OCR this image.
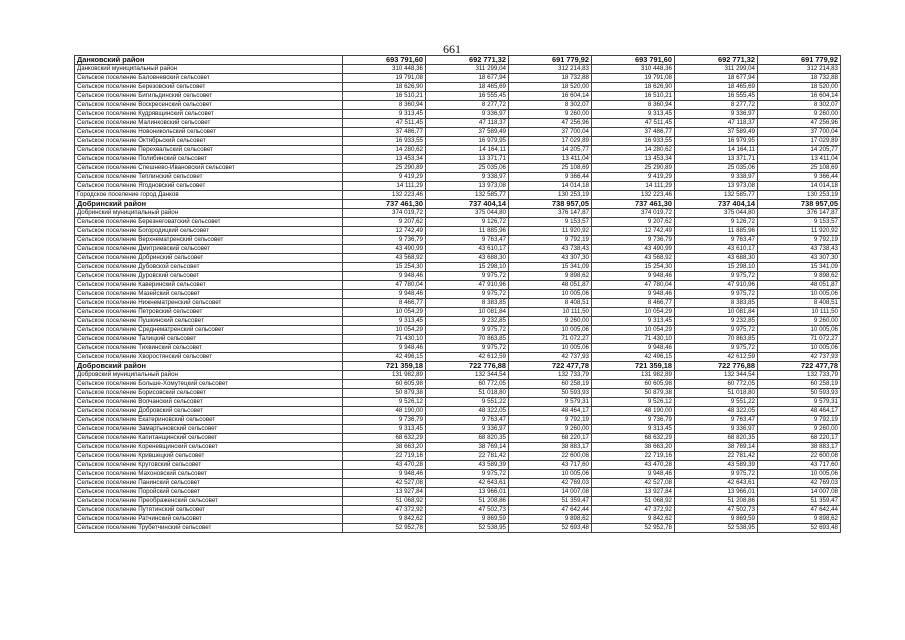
661
Данковский район	693 791,60	692 771,32	691 779,92	693 791,60	692 771,32	691 779,92
Данковский муниципальный район	310 448,36	311 299,04	312 214,83	310 448,36	311 299,04	312 214,83
Сельское поселение Баловневский сельсовет	19 791,08	18 677,94	18 732,88	19 791,08	18 677,94	18 732,88
Сельское поселение Березовский сельсовет	18 626,90	18 465,69	18 520,00	18 626,90	18 465,69	18 520,00
Сельское поселение Бигильдинский сельсовет	16 510,21	16 555,45	16 604,14	16 510,21	16 555,45	16 604,14
Сельское поселение Воскресенский сельсовет	8 360,94	8 277,72	8 302,07	8 360,94	8 277,72	8 302,07
Сельское поселение Кудрявщинский сельсовет	9 313,45	9 336,97	9 260,00	9 313,45	9 336,97	9 260,00
Сельское поселение Малинковский сельсовет	47 511,45	47 118,37	47 256,96	47 511,45	47 118,37	47 256,96
Сельское поселение Новоникольский сельсовет	37 486,77	37 589,49	37 700,04	37 486,77	37 589,49	37 700,04
Сельское поселение Октябрьский сельсовет	16 933,55	16 979,95	17 029,89	16 933,55	16 979,95	17 029,89
Сельское поселение Перехвальский сельсовет	14 280,62	14 164,11	14 205,77	14 280,62	14 164,11	14 205,77
Сельское поселение Полибинский сельсовет	13 453,34	13 371,71	13 411,04	13 453,34	13 371,71	13 411,04
Сельское поселение Спешнево-Ивановский сельсовет	25 290,89	25 035,06	25 108,69	25 290,89	25 035,06	25 108,69
Сельское поселение Теплинский сельсовет	9 419,29	9 338,97	9 366,44	9 419,29	9 338,97	9 366,44
Сельское поселение Ягодновский сельсовет	14 111,29	13 973,08	14 014,18	14 111,29	13 973,08	14 014,18
Городское поселение город Данков	132 223,46	132 585,77	130 253,19	132 223,46	132 585,77	130 253,19
Добринский район	737 461,30	737 404,14	738 957,05	737 461,30	737 404,14	738 957,05
Добринский муниципальный район	374 019,72	375 044,80	376 147,87	374 019,72	375 044,80	376 147,87
Сельское поселение Березнеговатский сельсовет	9 207,62	9 126,72	9 153,57	9 207,62	9 126,72	9 153,57
Сельское поселение Богородицкий сельсовет	12 742,49	11 885,96	11 920,92	12 742,49	11 885,96	11 920,92
Сельское поселение Верхнематренский сельсовет	9 736,79	9 763,47	9 792,19	9 736,79	9 763,47	9 792,19
Сельское поселение Дмитриевский сельсовет	43 490,99	43 610,17	43 738,43	43 490,99	43 610,17	43 738,43
Сельское поселение Добринский сельсовет	43 568,92	43 688,30	43 307,30	43 568,92	43 688,30	43 307,30
Сельское поселение Дубовской сельсовет	15 254,30	15 298,10	15 341,09	15 254,30	15 298,10	15 341,09
Сельское поселение Дуровский сельсовет	9 948,46	9 975,72	9 898,62	9 948,46	9 975,72	9 898,62
Сельское поселение Каверинский сельсовет	47 780,04	47 910,96	48 051,87	47 780,04	47 910,96	48 051,87
Сельское поселение Мазейский сельсовет	9 948,46	9 975,72	10 005,06	9 948,46	9 975,72	10 005,06
Сельское поселение Нижнематренский сельсовет	8 466,77	8 383,85	8 408,51	8 466,77	8 383,85	8 408,51
Сельское поселение Петровский сельсовет	10 054,29	10 081,84	10 111,50	10 054,29	10 081,84	10 111,50
Сельское поселение Пушкинский сельсовет	9 313,45	9 232,85	9 260,00	9 313,45	9 232,85	9 260,00
Сельское поселение Среднематренский сельсовет	10 054,29	9 975,72	10 005,06	10 054,29	9 975,72	10 005,06
Сельское поселение Талицкий сельсовет	71 430,10	70 863,85	71 072,27	71 430,10	70 863,85	71 072,27
Сельское поселение Тихвинский сельсовет	9 948,46	9 975,72	10 005,06	9 948,46	9 975,72	10 005,06
Сельское поселение Хворостянский сельсовет	42 496,15	42 612,59	42 737,93	42 496,15	42 612,59	42 737,93
Добровский район	721 359,18	722 776,88	722 477,78	721 359,18	722 776,88	722 477,78
Добровский муниципальный район	131 982,89	132 344,54	132 733,79	131 982,89	132 344,54	132 733,79
Сельское поселение Больше-Хомутецкий сельсовет	60 605,98	60 772,05	60 258,19	60 605,98	60 772,05	60 258,19
Сельское поселение Борисовский сельсовет	50 879,38	51 018,80	50 593,93	50 879,38	51 018,80	50 593,93
Сельское поселение Волчанский сельсовет	9 526,12	9 551,22	9 579,31	9 526,12	9 551,22	9 579,31
Сельское поселение Добровский сельсовет	48 190,00	48 322,05	48 464,17	48 190,00	48 322,05	48 464,17
Сельское поселение Екатериновский сельсовет	9 736,79	9 763,47	9 792,19	9 736,79	9 763,47	9 792,19
Сельское поселение Замартыновский сельсовет	9 313,45	9 336,97	9 260,00	9 313,45	9 336,97	9 260,00
Сельское поселение Капитанщинский сельсовет	68 632,29	68 820,35	68 220,17	68 632,29	68 820,35	68 220,17
Сельское поселение Кореневщинский сельсовет	38 663,20	38 769,14	38 883,17	38 663,20	38 769,14	38 883,17
Сельское поселение Крившецкий сельсовет	22 719,16	22 781,42	22 600,08	22 719,16	22 781,42	22 600,08
Сельское поселение Крутовский сельсовет	43 470,28	43 589,39	43 717,60	43 470,28	43 589,39	43 717,60
Сельское поселение Махоновский сельсовет	9 948,46	9 975,72	10 005,06	9 948,46	9 975,72	10 005,06
Сельское поселение Панинский сельсовет	42 527,08	42 643,61	42 769,03	42 527,08	42 643,61	42 769,03
Сельское поселение Поройский сельсовет	13 927,84	13 966,01	14 007,08	13 927,84	13 966,01	14 007,08
Сельское поселение Преображенский сельсовет	51 068,92	51 208,86	51 359,47	51 068,92	51 208,86	51 359,47
Сельское поселение Путятинский сельсовет	47 372,92	47 502,73	47 642,44	47 372,92	47 502,73	47 642,44
Сельское поселение Ратчинский сельсовет	9 842,62	9 869,59	9 898,62	9 842,62	9 869,59	9 898,62
Сельское поселение Трубетчинский сельсовет	52 952,78	52 538,95	52 693,48	52 952,78	52 538,95	52 693,48
